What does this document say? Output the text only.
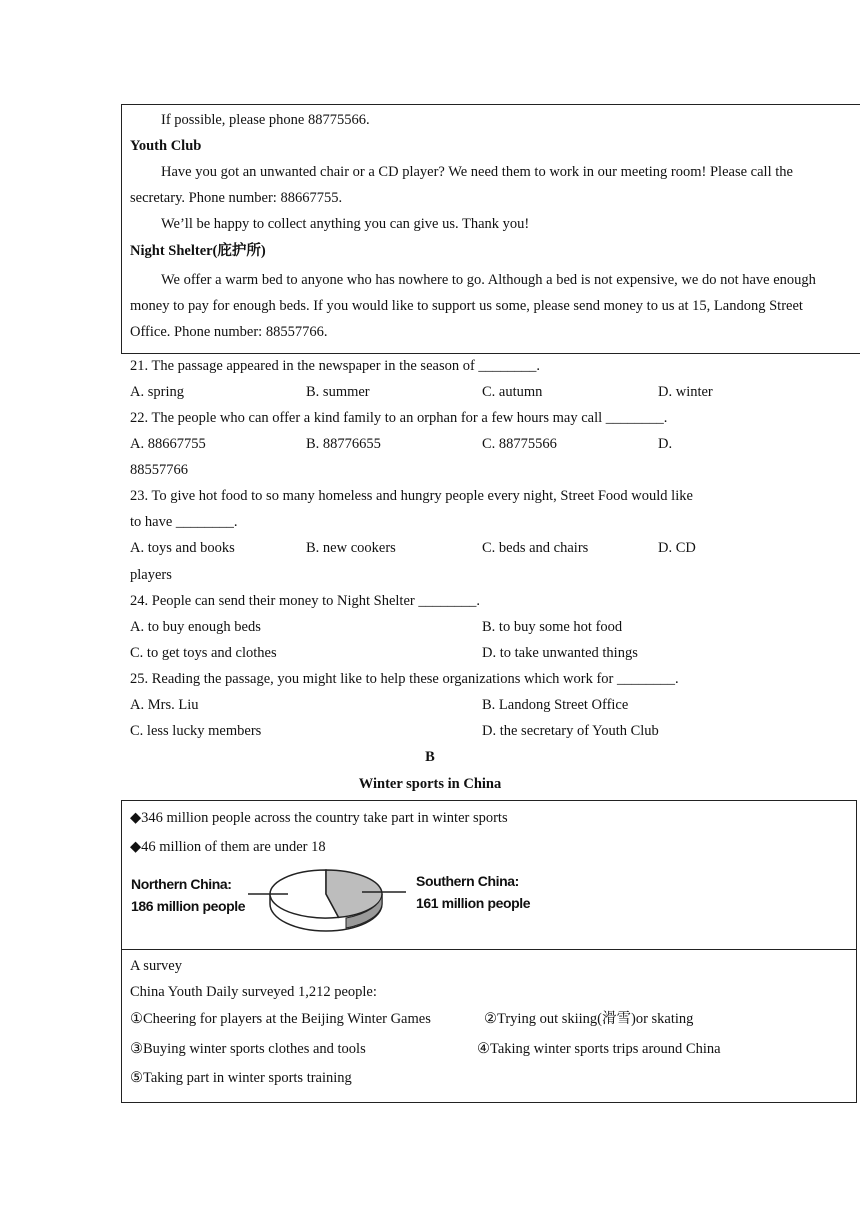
If possible, please phone 88775566.
Youth Club
Have you got an unwanted chair or a CD player? We need them to work in our meeting room! Please call the
secretary. Phone number: 88667755.
We’ll be happy to collect anything you can give us. Thank you!
Night Shelter(庇护所)
We offer a warm bed to anyone who has nowhere to go. Although a bed is not expensive, we do not have enough
money to pay for enough beds. If you would like to support us some, please send money to us at 15, Landong Street
Office. Phone number: 88557766.
21. The passage appeared in the newspaper in the season of ________.
A. spring	B. summer	C. autumn	D. winter
22. The people who can offer a kind family to an orphan for a few hours may call ________.
A. 88667755	B. 88776655	C. 88775566	D.
88557766
23. To give hot food to so many homeless and hungry people every night, Street Food would like
to have ________.
A. toys and books	B. new cookers	C. beds and chairs	D. CD
players
24. People can send their money to Night Shelter ________.
A. to buy enough beds	B. to buy some hot food
C. to get toys and clothes	D. to take unwanted things
25. Reading the passage, you might like to help these organizations which work for ________.
A. Mrs. Liu	B. Landong Street Office
C. less lucky members	D. the secretary of Youth Club
B
Winter sports in China
◆346 million people across the country take part in winter sports
◆46 million of them are under 18
Northern China:
186 million people
Southern China:
161 million people
A survey
China Youth Daily surveyed 1,212 people:
①Cheering for players at the Beijing Winter Games	②Trying out skiing(滑雪)or skating
③Buying winter sports clothes and tools	④Taking winter sports trips around China
⑤Taking part in winter sports training
